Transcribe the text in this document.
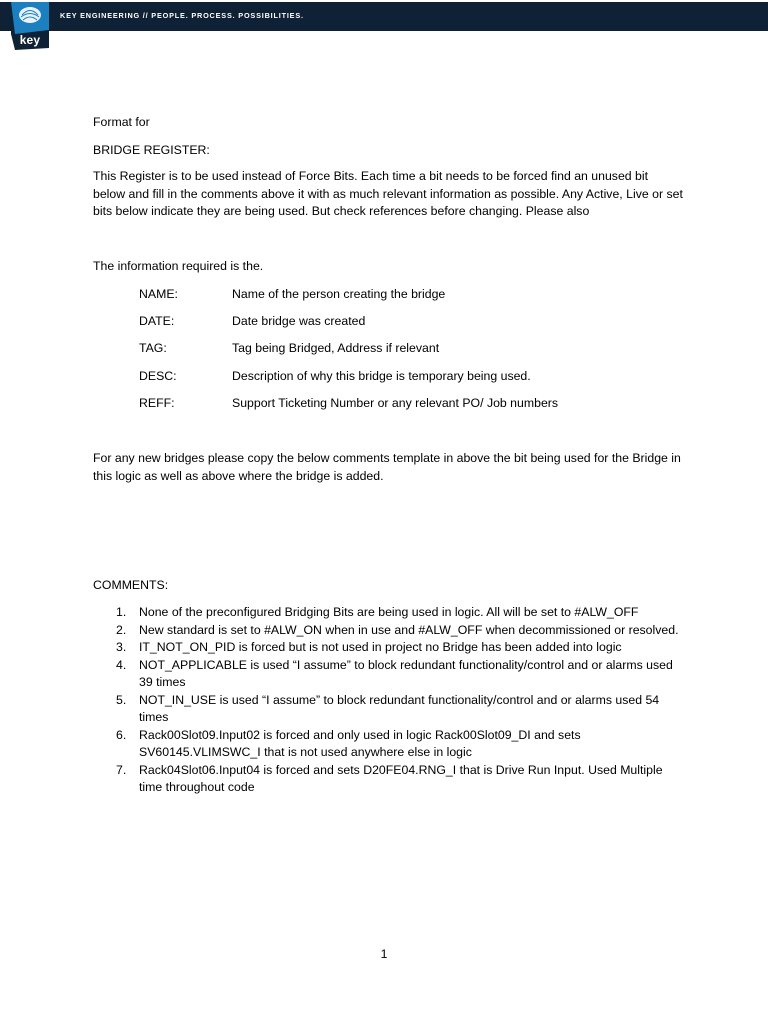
KEY ENGINEERING // PEOPLE. PROCESS. POSSIBILITIES.
key

Format for

BRIDGE REGISTER:

This Register is to be used instead of Force Bits. Each time a bit needs to be forced find an unused bit below and fill in the comments above it with as much relevant information as possible. Any Active, Live or set bits below indicate they are being used. But check references before changing. Please also

The information required is the.

NAME:	Name of the person creating the bridge
DATE:	Date bridge was created
TAG:	Tag being Bridged, Address if relevant
DESC:	Description of why this bridge is temporary being used.
REFF:	Support Ticketing Number or any relevant PO/ Job numbers

For any new bridges please copy the below comments template in above the bit being used for the Bridge in this logic as well as above where the bridge is added.

COMMENTS:

1. None of the preconfigured Bridging Bits are being used in logic. All will be set to #ALW_OFF
2. New standard is set to #ALW_ON when in use and #ALW_OFF when decommissioned or resolved.
3. IT_NOT_ON_PID is forced but is not used in project no Bridge has been added into logic
4. NOT_APPLICABLE is used “I assume” to block redundant functionality/control and or alarms used 39 times
5. NOT_IN_USE is used “I assume” to block redundant functionality/control and or alarms used 54 times
6. Rack00Slot09.Input02 is forced and only used in logic Rack00Slot09_DI and sets SV60145.VLIMSWC_I that is not used anywhere else in logic
7. Rack04Slot06.Input04 is forced and sets D20FE04.RNG_I that is Drive Run Input. Used Multiple time throughout code
1
